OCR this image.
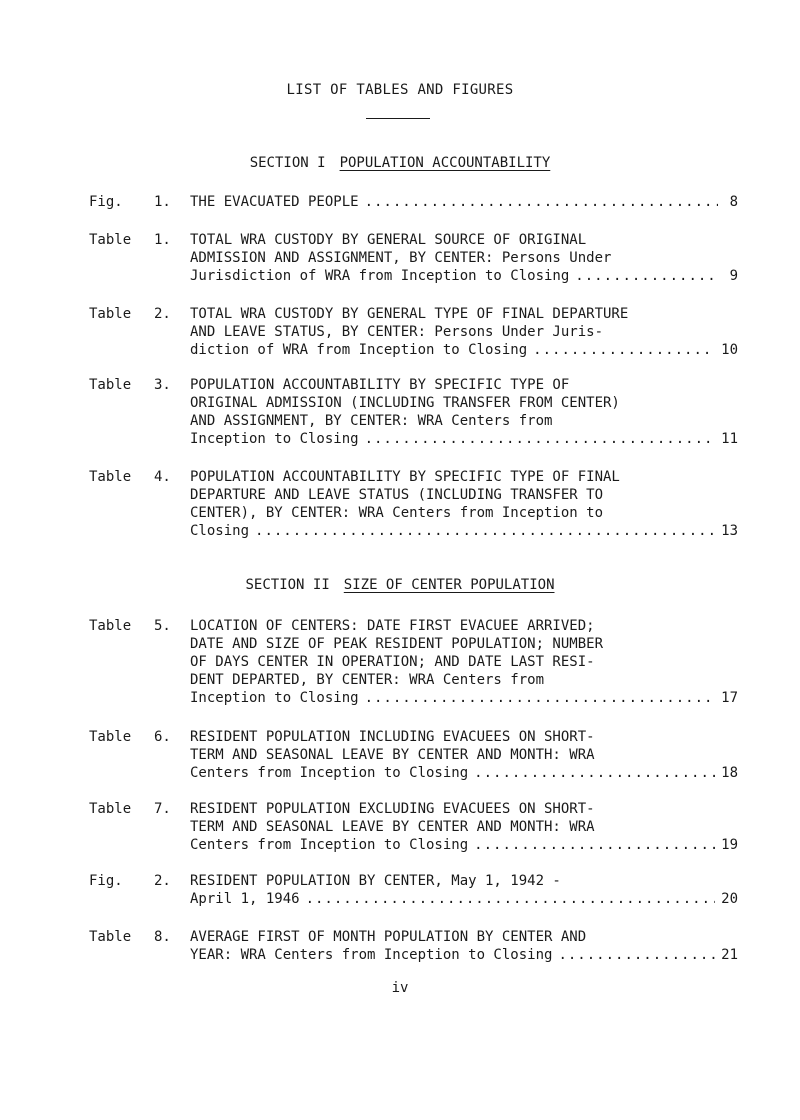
LIST OF TABLES AND FIGURES
SECTION I POPULATION ACCOUNTABILITY
Fig. 1. THE EVACUATED PEOPLE .....	8
Table 1. TOTAL WRA CUSTODY BY GENERAL SOURCE OF ORIGINAL
ADMISSION AND ASSIGNMENT, BY CENTER: Persons Under
Jurisdiction of WRA from Inception to Closing .....	9
Table 2. TOTAL WRA CUSTODY BY GENERAL TYPE OF FINAL DEPARTURE
AND LEAVE STATUS, BY CENTER: Persons Under Juris-
diction of WRA from Inception to Closing .....	10
Table 3. POPULATION ACCOUNTABILITY BY SPECIFIC TYPE OF
ORIGINAL ADMISSION (INCLUDING TRANSFER FROM CENTER)
AND ASSIGNMENT, BY CENTER: WRA Centers from
Inception to Closing .....	11
Table 4. POPULATION ACCOUNTABILITY BY SPECIFIC TYPE OF FINAL
DEPARTURE AND LEAVE STATUS (INCLUDING TRANSFER TO
CENTER), BY CENTER: WRA Centers from Inception to
Closing .....	13
SECTION II SIZE OF CENTER POPULATION
Table 5. LOCATION OF CENTERS: DATE FIRST EVACUEE ARRIVED;
DATE AND SIZE OF PEAK RESIDENT POPULATION; NUMBER
OF DAYS CENTER IN OPERATION; AND DATE LAST RESI-
DENT DEPARTED, BY CENTER: WRA Centers from
Inception to Closing .....	17
Table 6. RESIDENT POPULATION INCLUDING EVACUEES ON SHORT-
TERM AND SEASONAL LEAVE BY CENTER AND MONTH: WRA
Centers from Inception to Closing .....	18
Table 7. RESIDENT POPULATION EXCLUDING EVACUEES ON SHORT-
TERM AND SEASONAL LEAVE BY CENTER AND MONTH: WRA
Centers from Inception to Closing .....	19
Fig. 2. RESIDENT POPULATION BY CENTER, May 1, 1942 -
April 1, 1946 .....	20
Table 8. AVERAGE FIRST OF MONTH POPULATION BY CENTER AND
YEAR: WRA Centers from Inception to Closing .....	21
iv
